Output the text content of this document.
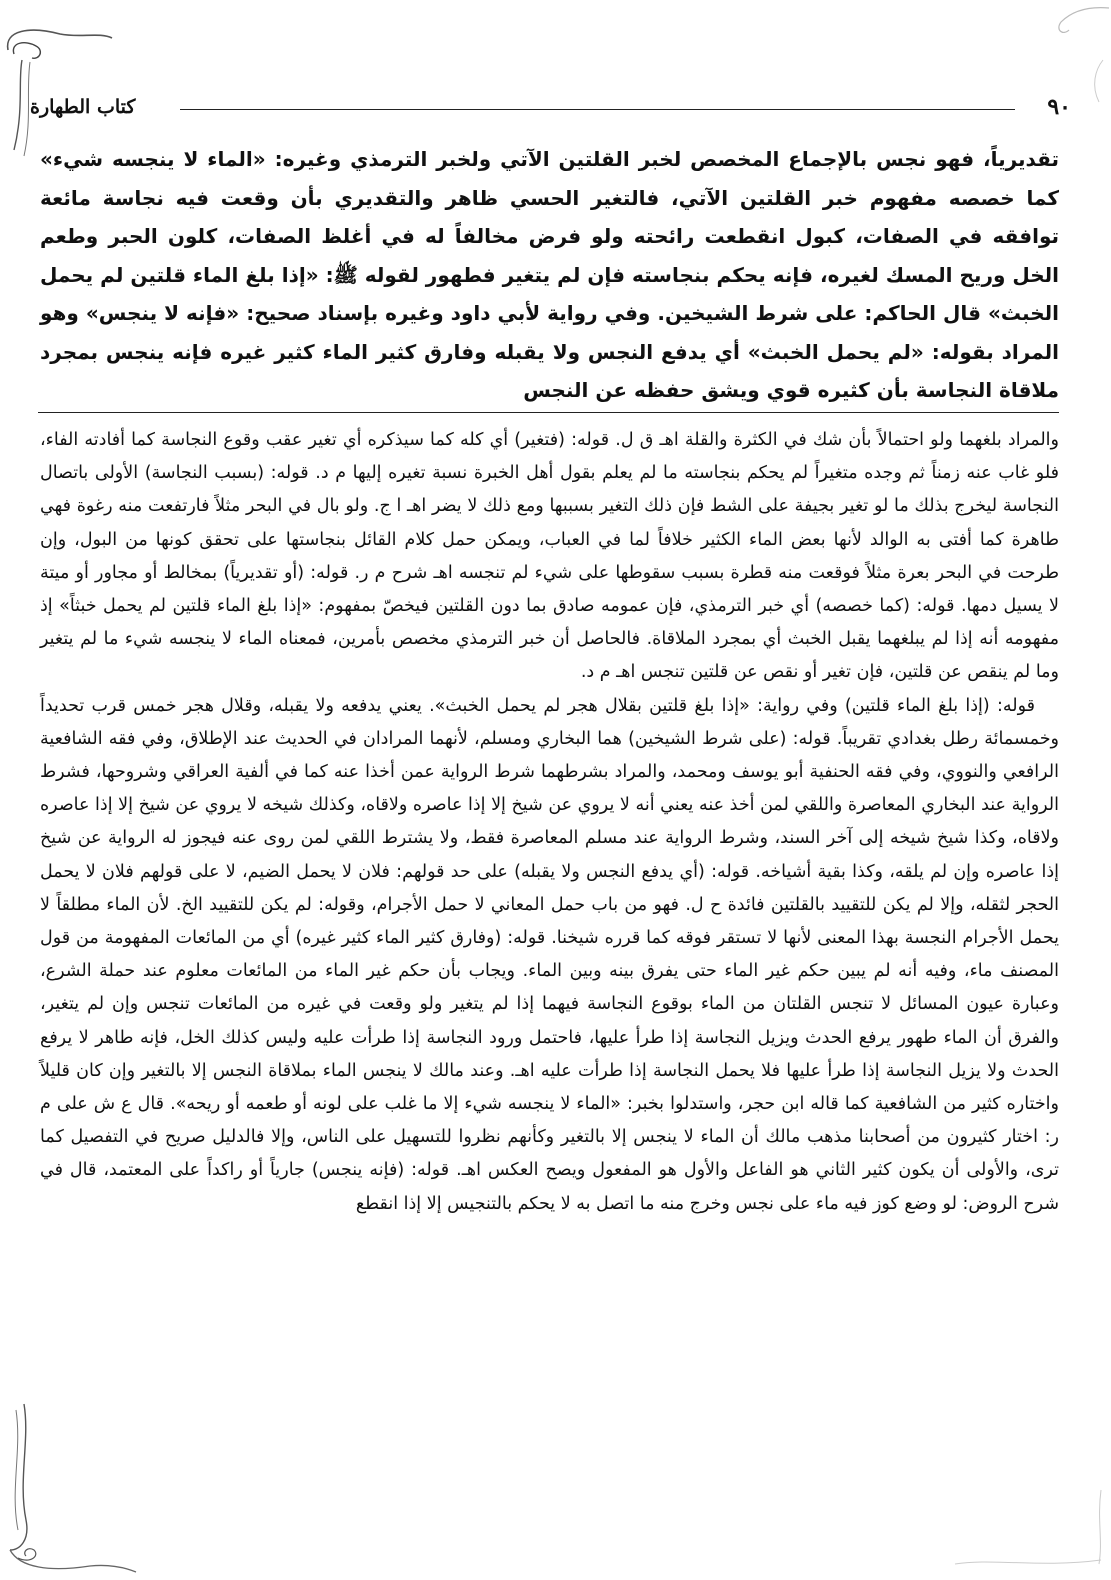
٩٠
كتاب الطهارة

تقديرياً، فهو نجس بالإجماع المخصص لخبر القلتين الآتي ولخبر الترمذي وغيره: «الماء لا ينجسه شيء» كما خصصه مفهوم خبر القلتين الآتي، فالتغير الحسي ظاهر والتقديري بأن وقعت فيه نجاسة مائعة توافقه في الصفات، كبول انقطعت رائحته ولو فرض مخالفاً له في أغلظ الصفات، كلون الحبر وطعم الخل وريح المسك لغيره، فإنه يحكم بنجاسته فإن لم يتغير فطهور لقوله ﷺ: «إذا بلغ الماء قلتين لم يحمل الخبث» قال الحاكم: على شرط الشيخين. وفي رواية لأبي داود وغيره بإسناد صحيح: «فإنه لا ينجس» وهو المراد بقوله: «لم يحمل الخبث» أي يدفع النجس ولا يقبله وفارق كثير الماء كثير غيره فإنه ينجس بمجرد ملاقاة النجاسة بأن كثيره قوي ويشق حفظه عن النجس

والمراد بلغهما ولو احتمالاً بأن شك في الكثرة والقلة اهـ ق ل. قوله: (فتغير) أي كله كما سيذكره أي تغير عقب وقوع النجاسة كما أفادته الفاء، فلو غاب عنه زمناً ثم وجده متغيراً لم يحكم بنجاسته ما لم يعلم بقول أهل الخبرة نسبة تغيره إليها م د. قوله: (بسبب النجاسة) الأولى باتصال النجاسة ليخرج بذلك ما لو تغير بجيفة على الشط فإن ذلك التغير بسببها ومع ذلك لا يضر اهـ ا ج. ولو بال في البحر مثلاً فارتفعت منه رغوة فهي طاهرة كما أفتى به الوالد لأنها بعض الماء الكثير خلافاً لما في العباب، ويمكن حمل كلام القائل بنجاستها على تحقق كونها من البول، وإن طرحت في البحر بعرة مثلاً فوقعت منه قطرة بسبب سقوطها على شيء لم تنجسه اهـ شرح م ر. قوله: (أو تقديرياً) بمخالط أو مجاور أو ميتة لا يسيل دمها. قوله: (كما خصصه) أي خبر الترمذي، فإن عمومه صادق بما دون القلتين فيخصّ بمفهوم: «إذا بلغ الماء قلتين لم يحمل خبثاً» إذ مفهومه أنه إذا لم يبلغهما يقبل الخبث أي بمجرد الملاقاة. فالحاصل أن خبر الترمذي مخصص بأمرين، فمعناه الماء لا ينجسه شيء ما لم يتغير وما لم ينقص عن قلتين، فإن تغير أو نقص عن قلتين تنجس اهـ م د.

قوله: (إذا بلغ الماء قلتين) وفي رواية: «إذا بلغ قلتين بقلال هجر لم يحمل الخبث». يعني يدفعه ولا يقبله، وقلال هجر خمس قرب تحديداً وخمسمائة رطل بغدادي تقريباً. قوله: (على شرط الشيخين) هما البخاري ومسلم، لأنهما المرادان في الحديث عند الإطلاق، وفي فقه الشافعية الرافعي والنووي، وفي فقه الحنفية أبو يوسف ومحمد، والمراد بشرطهما شرط الرواية عمن أخذا عنه كما في ألفية العراقي وشروحها، فشرط الرواية عند البخاري المعاصرة واللقي لمن أخذ عنه يعني أنه لا يروي عن شيخ إلا إذا عاصره ولاقاه، وكذلك شيخه لا يروي عن شيخ إلا إذا عاصره ولاقاه، وكذا شيخ شيخه إلى آخر السند، وشرط الرواية عند مسلم المعاصرة فقط، ولا يشترط اللقي لمن روى عنه فيجوز له الرواية عن شيخ إذا عاصره وإن لم يلقه، وكذا بقية أشياخه. قوله: (أي يدفع النجس ولا يقبله) على حد قولهم: فلان لا يحمل الضيم، لا على قولهم فلان لا يحمل الحجر لثقله، وإلا لم يكن للتقييد بالقلتين فائدة ح ل. فهو من باب حمل المعاني لا حمل الأجرام، وقوله: لم يكن للتقييد الخ. لأن الماء مطلقاً لا يحمل الأجرام النجسة بهذا المعنى لأنها لا تستقر فوقه كما قرره شيخنا. قوله: (وفارق كثير الماء كثير غيره) أي من المائعات المفهومة من قول المصنف ماء، وفيه أنه لم يبين حكم غير الماء حتى يفرق بينه وبين الماء. ويجاب بأن حكم غير الماء من المائعات معلوم عند حملة الشرع، وعبارة عيون المسائل لا تنجس القلتان من الماء بوقوع النجاسة فيهما إذا لم يتغير ولو وقعت في غيره من المائعات تنجس وإن لم يتغير، والفرق أن الماء طهور يرفع الحدث ويزيل النجاسة إذا طرأ عليها، فاحتمل ورود النجاسة إذا طرأت عليه وليس كذلك الخل، فإنه طاهر لا يرفع الحدث ولا يزيل النجاسة إذا طرأ عليها فلا يحمل النجاسة إذا طرأت عليه اهـ. وعند مالك لا ينجس الماء بملاقاة النجس إلا بالتغير وإن كان قليلاً واختاره كثير من الشافعية كما قاله ابن حجر، واستدلوا بخبر: «الماء لا ينجسه شيء إلا ما غلب على لونه أو طعمه أو ريحه». قال ع ش على م ر: اختار كثيرون من أصحابنا مذهب مالك أن الماء لا ينجس إلا بالتغير وكأنهم نظروا للتسهيل على الناس، وإلا فالدليل صريح في التفصيل كما ترى، والأولى أن يكون كثير الثاني هو الفاعل والأول هو المفعول ويصح العكس اهـ. قوله: (فإنه ينجس) جارياً أو راكداً على المعتمد، قال في شرح الروض: لو وضع كوز فيه ماء على نجس وخرج منه ما اتصل به لا يحكم بالتنجيس إلا إذا انقطع
